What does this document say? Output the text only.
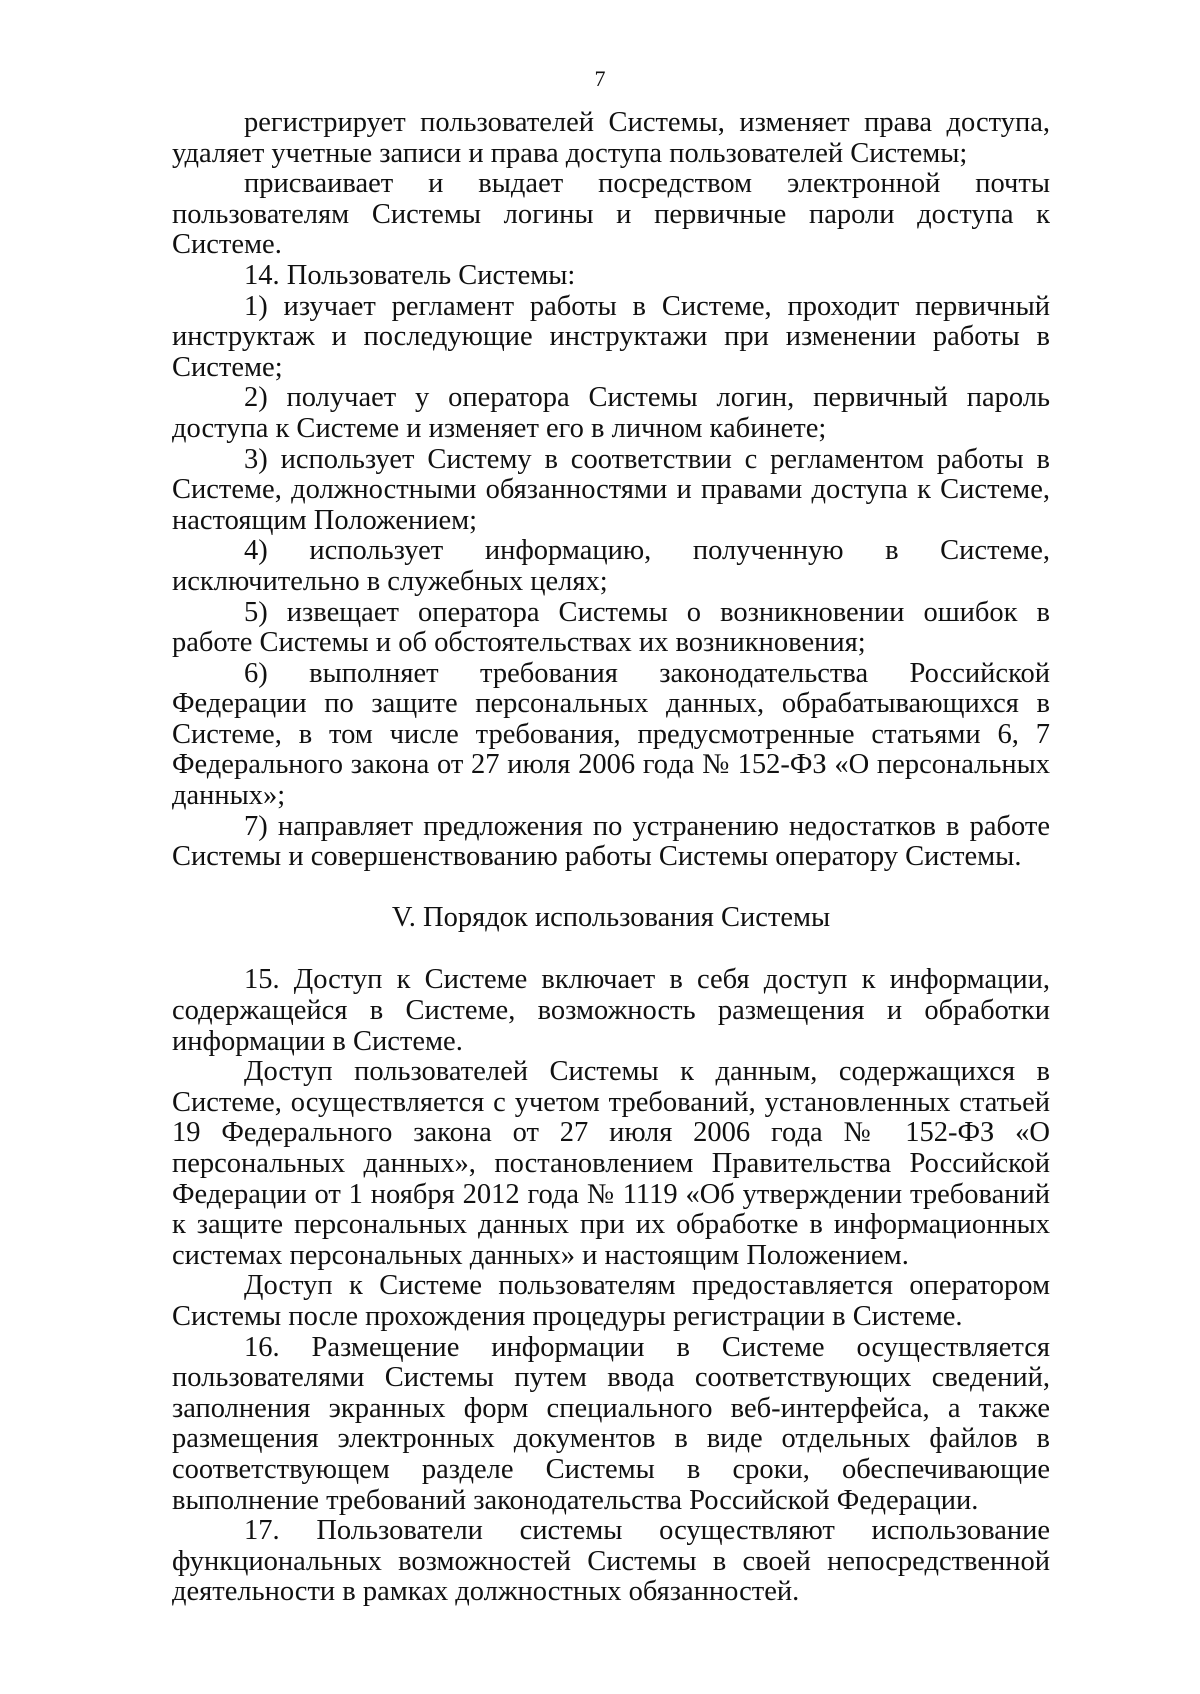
7

регистрирует пользователей Системы, изменяет права доступа, удаляет учетные записи и права доступа пользователей Системы;

присваивает и выдает посредством электронной почты пользователям Системы логины и первичные пароли доступа к Системе.

14. Пользователь Системы:

1) изучает регламент работы в Системе, проходит первичный инструктаж и последующие инструктажи при изменении работы в Системе;

2) получает у оператора Системы логин, первичный пароль доступа к Системе и изменяет его в личном кабинете;

3) использует Систему в соответствии с регламентом работы в Системе, должностными обязанностями и правами доступа к Системе, настоящим Положением;

4) использует информацию, полученную в Системе, исключительно в служебных целях;

5) извещает оператора Системы о возникновении ошибок в работе Системы и об обстоятельствах их возникновения;

6) выполняет требования законодательства Российской Федерации по защите персональных данных, обрабатывающихся в Системе, в том числе требования, предусмотренные статьями 6, 7 Федерального закона от 27 июля 2006 года № 152-ФЗ «О персональных данных»;

7) направляет предложения по устранению недостатков в работе Системы и совершенствованию работы Системы оператору Системы.

V. Порядок использования Системы

15. Доступ к Системе включает в себя доступ к информации, содержащейся в Системе, возможность размещения и обработки информации в Системе.

Доступ пользователей Системы к данным, содержащихся в Системе, осуществляется с учетом требований, установленных статьей 19 Федерального закона от 27 июля 2006 года № 152-ФЗ «О персональных данных», постановлением Правительства Российской Федерации от 1 ноября 2012 года № 1119 «Об утверждении требований к защите персональных данных при их обработке в информационных системах персональных данных» и настоящим Положением.

Доступ к Системе пользователям предоставляется оператором Системы после прохождения процедуры регистрации в Системе.

16. Размещение информации в Системе осуществляется пользователями Системы путем ввода соответствующих сведений, заполнения экранных форм специального веб-интерфейса, а также размещения электронных документов в виде отдельных файлов в соответствующем разделе Системы в сроки, обеспечивающие выполнение требований законодательства Российской Федерации.

17. Пользователи системы осуществляют использование функциональных возможностей Системы в своей непосредственной деятельности в рамках должностных обязанностей.
